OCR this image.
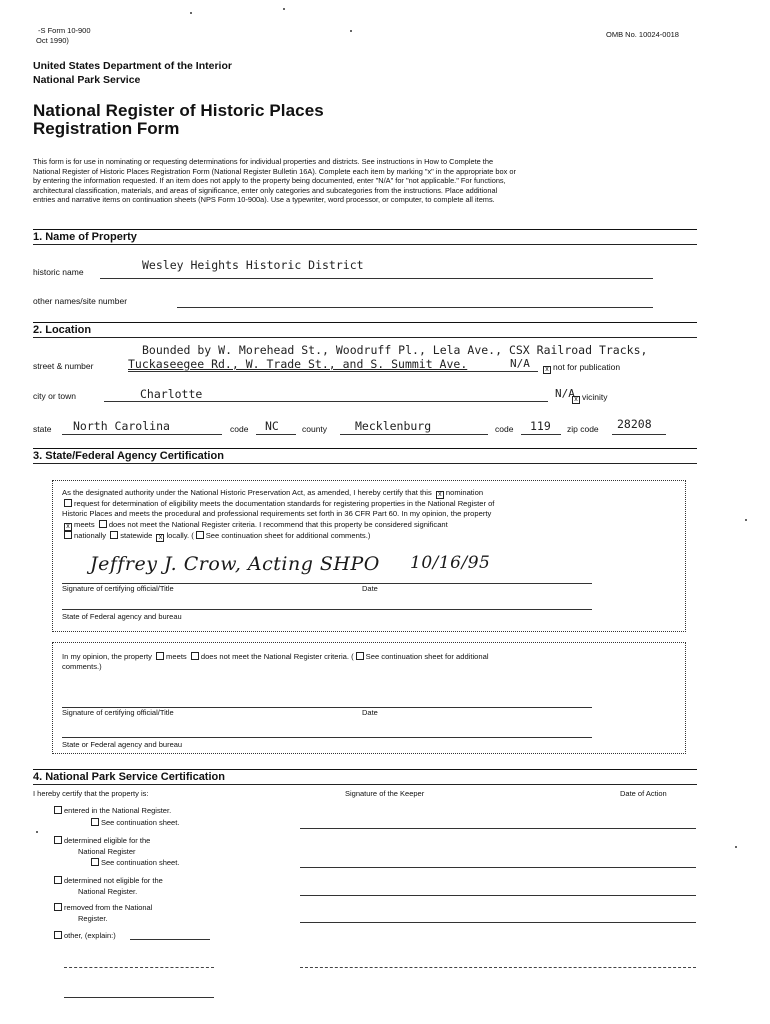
-S Form 10-900
Oct 1990)
OMB No. 10024-0018
United States Department of the Interior
National Park Service
National Register of Historic Places
Registration Form
This form is for use in nominating or requesting determinations for individual properties and districts. See instructions in How to Complete the
National Register of Historic Places Registration Form (National Register Bulletin 16A). Complete each item by marking "x" in the appropriate box or
by entering the information requested. If an item does not apply to the property being documented, enter "N/A" for "not applicable." For functions,
architectural classification, materials, and areas of significance, enter only categories and subcategories from the instructions. Place additional
entries and narrative items on continuation sheets (NPS Form 10-900a). Use a typewriter, word processor, or computer, to complete all items.
1. Name of Property
historic name	Wesley Heights Historic District
other names/site number
2. Location
Bounded by W. Morehead St., Woodruff Pl., Lela Ave., CSX Railroad Tracks,
street & number	Tuckaseegee Rd., W. Trade St., and S. Summit Ave.	N/A x	not for publication
city or town	Charlotte	N/A x vicinity
state North Carolina	code NC	county Mecklenburg	code 119 zip code 28208
3. State/Federal Agency Certification
As the designated authority under the National Historic Preservation Act, as amended, I hereby certify that this x nomination
request for determination of eligibility meets the documentation standards for registering properties in the National Register of
Historic Places and meets the procedural and professional requirements set forth in 36 CFR Part 60. In my opinion, the property
xmeets does not meet the National Register criteria. I recommend that this property be considered significant
nationally statewide x locally. ( See continuation sheet for additional comments.)
Jeffrey J. Crow, Acting SHPO 10/16/95
Signature of certifying official/Title	Date
State of Federal agency and bureau
In my opinion, the property meets does not meet the National Register criteria. ( See continuation sheet for additional
comments.)
Signature of certifying official/Title	Date
State or Federal agency and bureau
4. National Park Service Certification
I hereby certify that the property is:	Signature of the Keeper	Date of Action
entered in the National Register.
See continuation sheet.
determined eligible for the
National Register
See continuation sheet.
determined not eligible for the
National Register.
removed from the National
Register.
other, (explain:)
